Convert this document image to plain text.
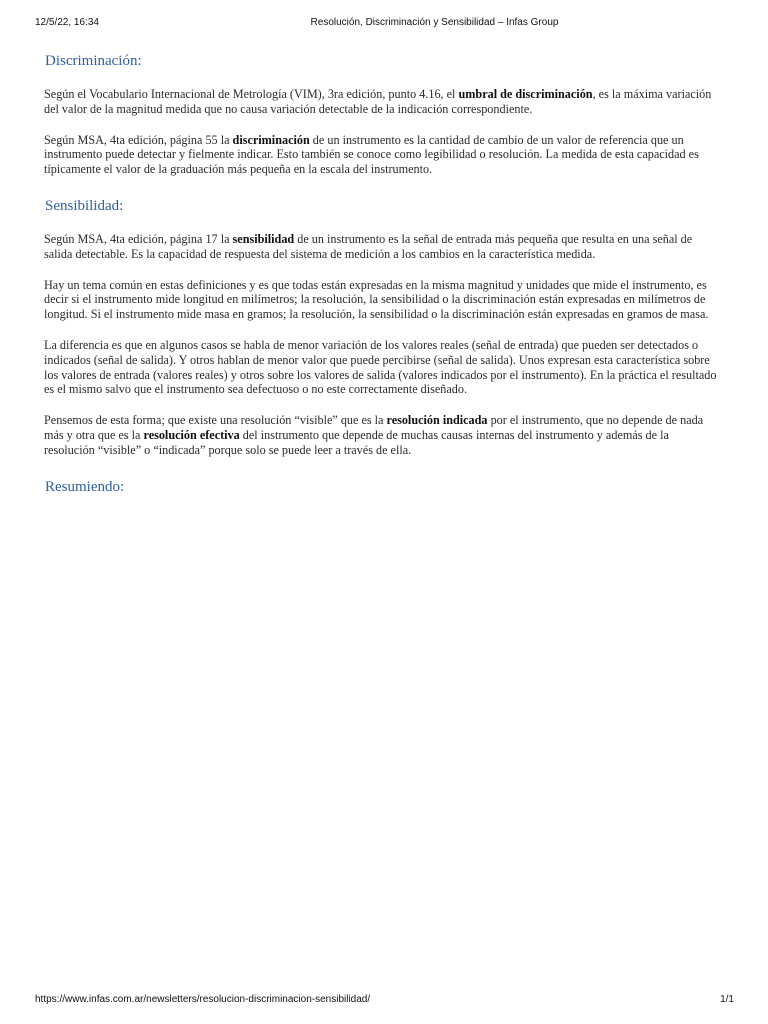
12/5/22, 16:34	Resolución, Discriminación y Sensibilidad – Infas Group
Discriminación:

Según el Vocabulario Internacional de Metrología (VIM), 3ra edición, punto 4.16, el umbral de discriminación, es la máxima variación del valor de la magnitud medida que no causa variación detectable de la indicación correspondiente.

Según MSA, 4ta edición, página 55 la discriminación de un instrumento es la cantidad de cambio de un valor de referencia que un instrumento puede detectar y fielmente indicar. Esto también se conoce como legibilidad o resolución. La medida de esta capacidad es típicamente el valor de la graduación más pequeña en la escala del instrumento.

Sensibilidad:

Según MSA, 4ta edición, página 17 la sensibilidad de un instrumento es la señal de entrada más pequeña que resulta en una señal de salida detectable. Es la capacidad de respuesta del sistema de medición a los cambios en la característica medida.

Hay un tema común en estas definiciones y es que todas están expresadas en la misma magnitud y unidades que mide el instrumento, es decir si el instrumento mide longitud en milímetros; la resolución, la sensibilidad o la discriminación están expresadas en milímetros de longitud. Si el instrumento mide masa en gramos; la resolución, la sensibilidad o la discriminación están expresadas en gramos de masa.

La diferencia es que en algunos casos se habla de menor variación de los valores reales (señal de entrada) que pueden ser detectados o indicados (señal de salida). Y otros hablan de menor valor que puede percibirse (señal de salida). Unos expresan esta característica sobre los valores de entrada (valores reales) y otros sobre los valores de salida (valores indicados por el instrumento). En la práctica el resultado es el mismo salvo que el instrumento sea defectuoso o no este correctamente diseñado.

Pensemos de esta forma; que existe una resolución “visible” que es la resolución indicada por el instrumento, que no depende de nada más y otra que es la resolución efectiva del instrumento que depende de muchas causas internas del instrumento y además de la resolución “visible” o “indicada” porque solo se puede leer a través de ella.

Resumiendo:
https://www.infas.com.ar/newsletters/resolucion-discriminacion-sensibilidad/	1/1
